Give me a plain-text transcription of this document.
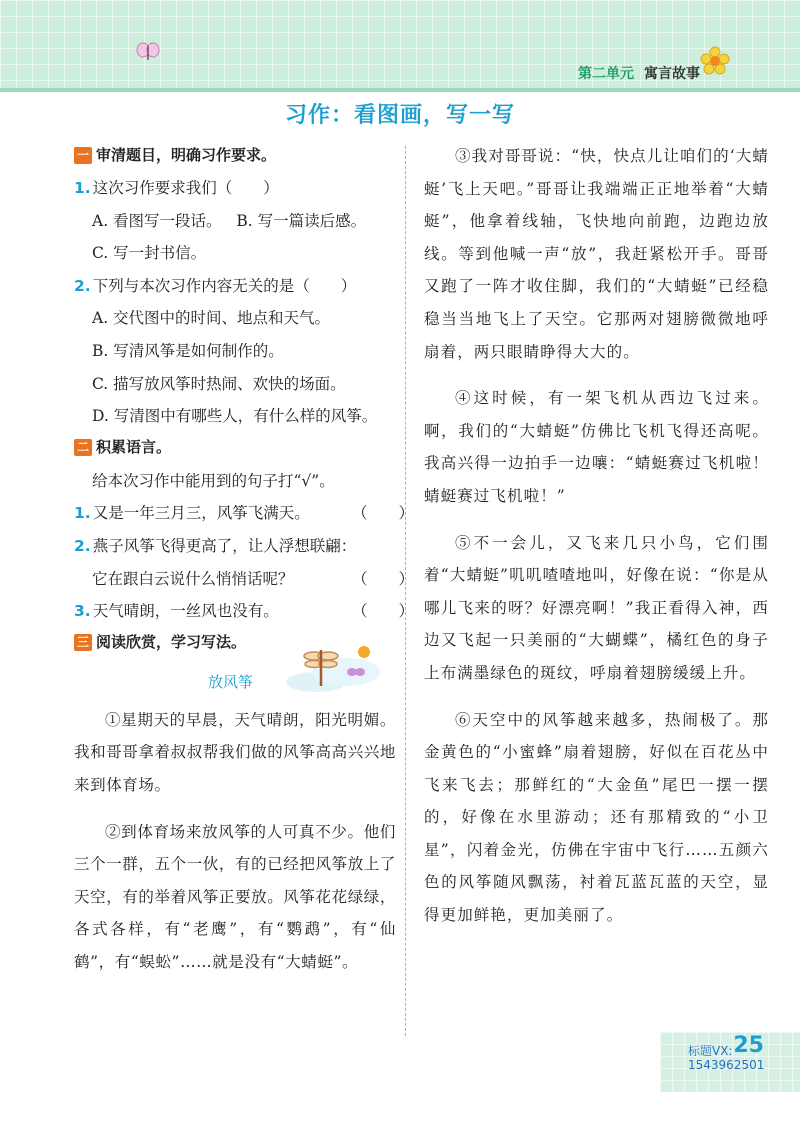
第二单元 寓言故事
习作：看图画，写一写
一 审清题目，明确习作要求。
1. 这次习作要求我们（　　）
A. 看图写一段话。 B. 写一篇读后感。
C. 写一封书信。
2. 下列与本次习作内容无关的是（　　）
A. 交代图中的时间、地点和天气。
B. 写清风筝是如何制作的。
C. 描写放风筝时热闹、欢快的场面。
D. 写清图中有哪些人，有什么样的风筝。
二 积累语言。
给本次习作中能用到的句子打“√”。
1. 又是一年三月三，风筝飞满天。	（　　）
2. 燕子风筝飞得更高了，让人浮想联翩：
它在跟白云说什么悄悄话呢？	（　　）
3. 天气晴朗，一丝风也没有。	（　　）
三 阅读欣赏，学习写法。
放风筝
①星期天的早晨，天气晴朗，阳光明媚。我和哥哥拿着叔叔帮我们做的风筝高高兴兴地来到体育场。
②到体育场来放风筝的人可真不少。他们三个一群，五个一伙，有的已经把风筝放上了天空，有的举着风筝正要放。风筝花花绿绿，各式各样，有“老鹰”，有“鹦鹉”，有“仙鹤”，有“蜈蚣”……就是没有“大蜻蜓”。
③我对哥哥说：“快，快点儿让咱们的‘大蜻蜓’飞上天吧。”哥哥让我端端正正地举着“大蜻蜓”，他拿着线轴，飞快地向前跑，边跑边放线。等到他喊一声“放”，我赶紧松开手。哥哥又跑了一阵才收住脚，我们的“大蜻蜓”已经稳稳当当地飞上了天空。它那两对翅膀微微地呼扇着，两只眼睛睁得大大的。
④这时候，有一架飞机从西边飞过来。啊，我们的“大蜻蜓”仿佛比飞机飞得还高呢。我高兴得一边拍手一边嚷：“蜻蜓赛过飞机啦！蜻蜓赛过飞机啦！”
⑤不一会儿，又飞来几只小鸟，它们围着“大蜻蜓”叽叽喳喳地叫，好像在说：“你是从哪儿飞来的呀？好漂亮啊！”我正看得入神，西边又飞起一只美丽的“大蝴蝶”，橘红色的身子上布满墨绿色的斑纹，呼扇着翅膀缓缓上升。
⑥天空中的风筝越来越多，热闹极了。那金黄色的“小蜜蜂”扇着翅膀，好似在百花丛中飞来飞去；那鲜红的“大金鱼”尾巴一摆一摆的，好像在水里游动；还有那精致的“小卫星”，闪着金光，仿佛在宇宙中飞行……五颜六色的风筝随风飘荡，衬着瓦蓝瓦蓝的天空，显得更加鲜艳，更加美丽了。
25
标题VX:
1543962501
